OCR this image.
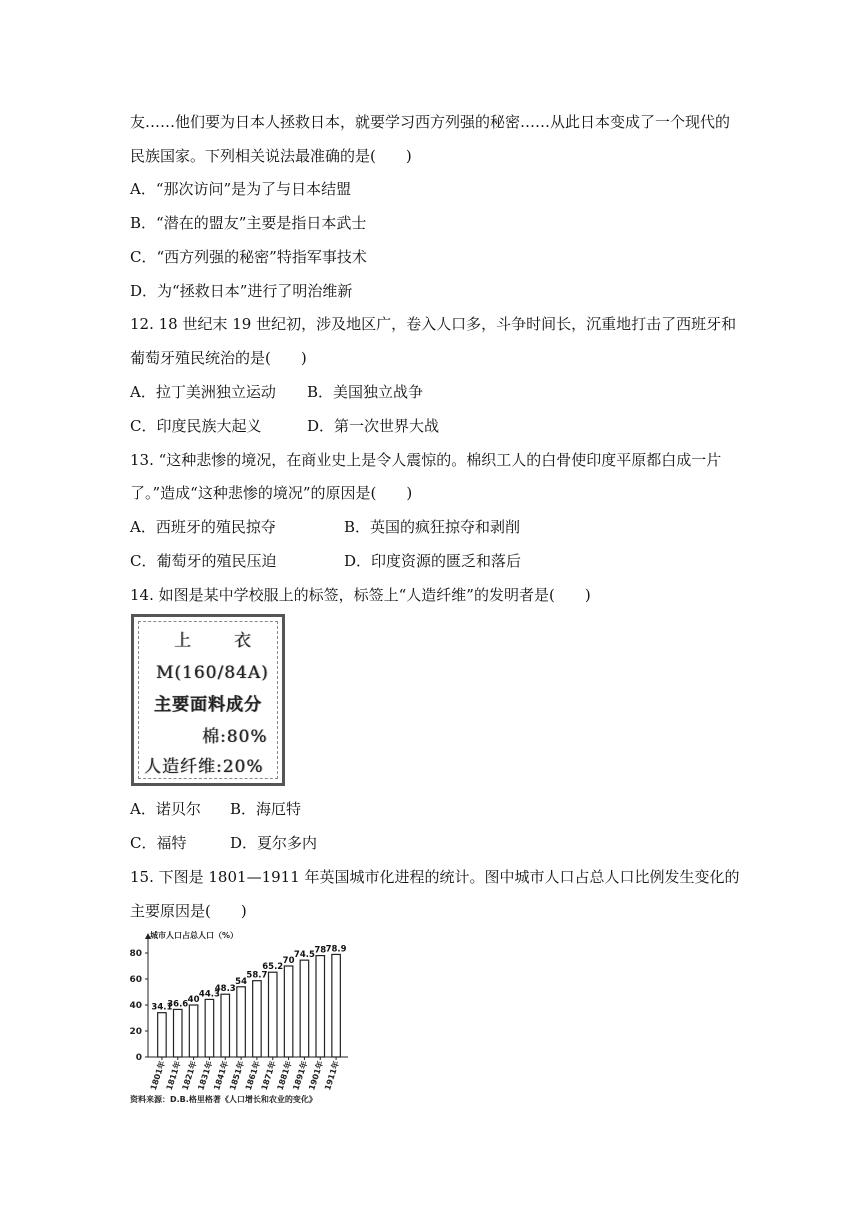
友……他们要为日本人拯救日本，就要学习西方列强的秘密……从此日本变成了一个现代的
民族国家。下列相关说法最准确的是(　　)
A．“那次访问”是为了与日本结盟
B．“潜在的盟友”主要是指日本武士
C．“西方列强的秘密”特指军事技术
D．为“拯救日本”进行了明治维新
12. 18 世纪末 19 世纪初，涉及地区广，卷入人口多，斗争时间长，沉重地打击了西班牙和
葡萄牙殖民统治的是(　　)
A．拉丁美洲独立运动 B．美国独立战争
C．印度民族大起义	D．第一次世界大战
13. “这种悲惨的境况，在商业史上是令人震惊的。棉织工人的白骨使印度平原都白成一片
了。”造成“这种悲惨的境况”的原因是(　　)
A．西班牙的殖民掠夺	B．英国的疯狂掠夺和剥削
C．葡萄牙的殖民压迫	D．印度资源的匮乏和落后
14. 如图是某中学校服上的标签，标签上“人造纤维”的发明者是(　　)
上 衣
M(160/84A)
主要面料成分
棉:80%
人造纤维:20%
A．诺贝尔 B．海厄特
C．福特	D．夏尔多内
15. 下图是 1801—1911 年英国城市化进程的统计。图中城市人口占总人口比例发生变化的
主要原因是(　　)
城市人口占总人口（%）
0
20
40
60
80
34.1
1801年
36.6
1811年
40
1821年
44.3
1831年
48.3
1841年
54
1851年
58.7
1861年
65.2
1871年
70
1881年
74.5
1891年
78
1901年
78.9
1911年
资料来源：D.B.格里格著《人口增长和农业的变化》
